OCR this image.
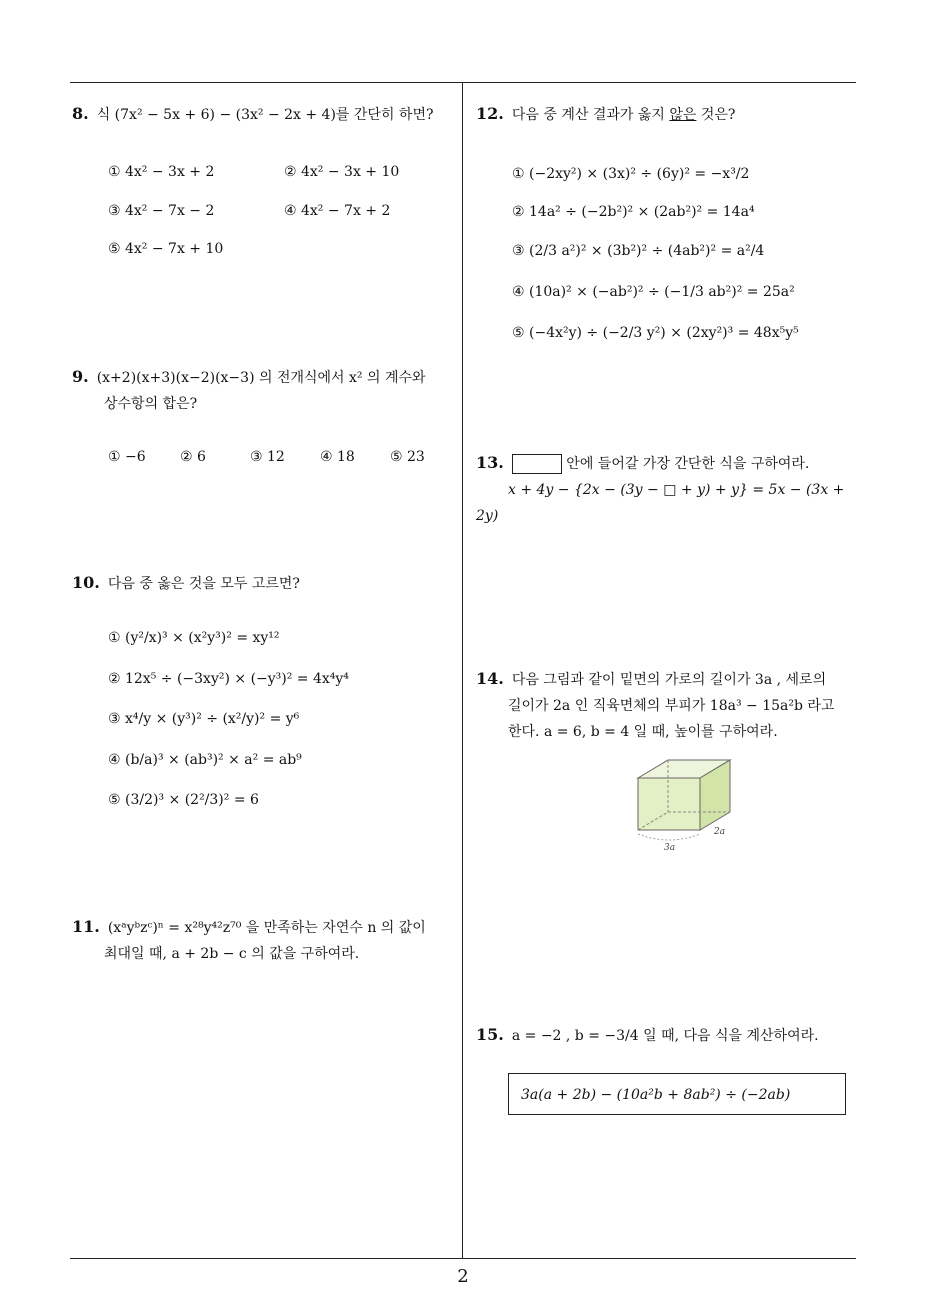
8. 식 (7x² − 5x + 6) − (3x² − 2x + 4)를 간단히 하면?
① 4x² − 3x + 2	② 4x² − 3x + 10
③ 4x² − 7x − 2	④ 4x² − 7x + 2
⑤ 4x² − 7x + 10
9. (x+2)(x+3)(x−2)(x−3) 의 전개식에서 x² 의 계수와
상수항의 합은?
① −6 ② 6	③ 12	④ 18	⑤ 23
10. 다음 중 옳은 것을 모두 고르면?
① (y²/x)³ × (x²y³)² = xy¹²
② 12x⁵ ÷ (−3xy²) × (−y³)² = 4x⁴y⁴
③ x⁴/y × (y³)² ÷ (x²/y)² = y⁶
④ (b/a)³ × (ab³)² × a² = ab⁹
⑤ (3/2)³ × (2²/3)² = 6
11. (xᵃyᵇzᶜ)ⁿ = x²⁸y⁴²z⁷⁰ 을 만족하는 자연수 n 의 값이
최대일 때, a + 2b − c 의 값을 구하여라.
12. 다음 중 계산 결과가 옳지 않은 것은?
① (−2xy²) × (3x)² ÷ (6y)² = −x³/2
② 14a² ÷ (−2b²)² × (2ab²)² = 14a⁴
③ (2/3 a²)² × (3b²)² ÷ (4ab²)² = a²/4
④ (10a)² × (−ab²)² ÷ (−1/3 ab²)² = 25a²
⑤ (−4x²y) ÷ (−2/3 y²) × (2xy²)³ = 48x⁵y⁵
13.	안에 들어갈 가장 간단한 식을 구하여라.
x + 4y − {2x − (3y − □ + y) + y} = 5x − (3x + 2y)
14. 다음 그림과 같이 밑면의 가로의 길이가 3a , 세로의
길이가 2a 인 직육면체의 부피가 18a³ − 15a²b 라고
한다. a = 6, b = 4 일 때, 높이를 구하여라.
3a
2a
15. a = −2 , b = −3/4 일 때, 다음 식을 계산하여라.
3a(a + 2b) − (10a²b + 8ab²) ÷ (−2ab)
2
